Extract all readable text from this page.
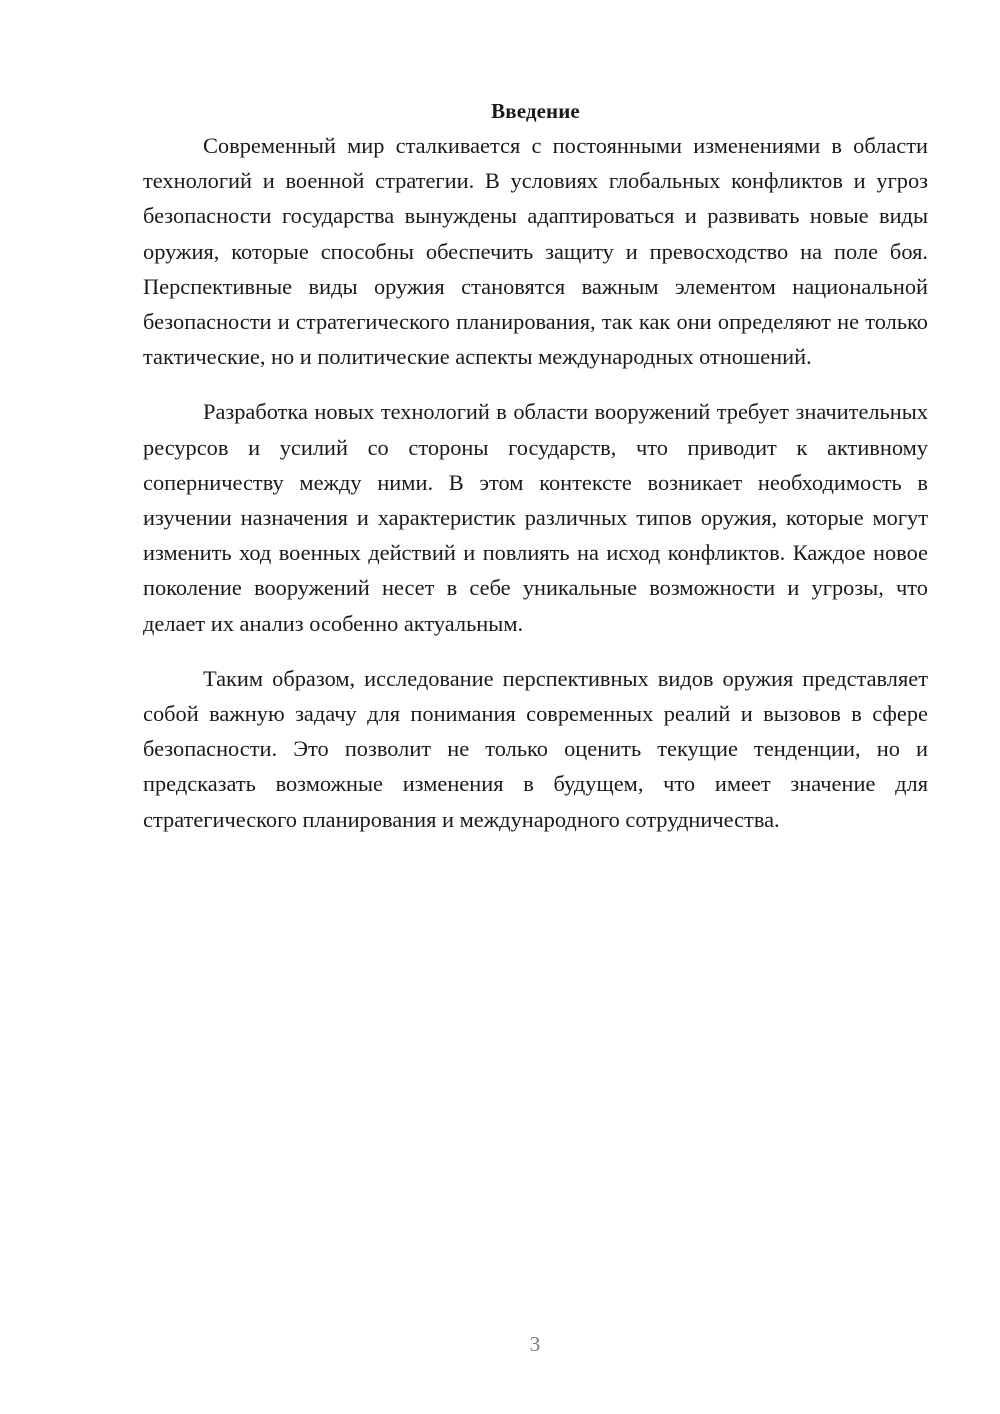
Введение

Современный мир сталкивается с постоянными изменениями в области технологий и военной стратегии. В условиях глобальных конфликтов и угроз безопасности государства вынуждены адаптироваться и развивать новые виды оружия, которые способны обеспечить защиту и превосходство на поле боя. Перспективные виды оружия становятся важным элементом национальной безопасности и стратегического планирования, так как они определяют не только тактические, но и политические аспекты международных отношений.

Разработка новых технологий в области вооружений требует значительных ресурсов и усилий со стороны государств, что приводит к активному соперничеству между ними. В этом контексте возникает необходимость в изучении назначения и характеристик различных типов оружия, которые могут изменить ход военных действий и повлиять на исход конфликтов. Каждое новое поколение вооружений несет в себе уникальные возможности и угрозы, что делает их анализ особенно актуальным.

Таким образом, исследование перспективных видов оружия представляет собой важную задачу для понимания современных реалий и вызовов в сфере безопасности. Это позволит не только оценить текущие тенденции, но и предсказать возможные изменения в будущем, что имеет значение для стратегического планирования и международного сотрудничества.

3
